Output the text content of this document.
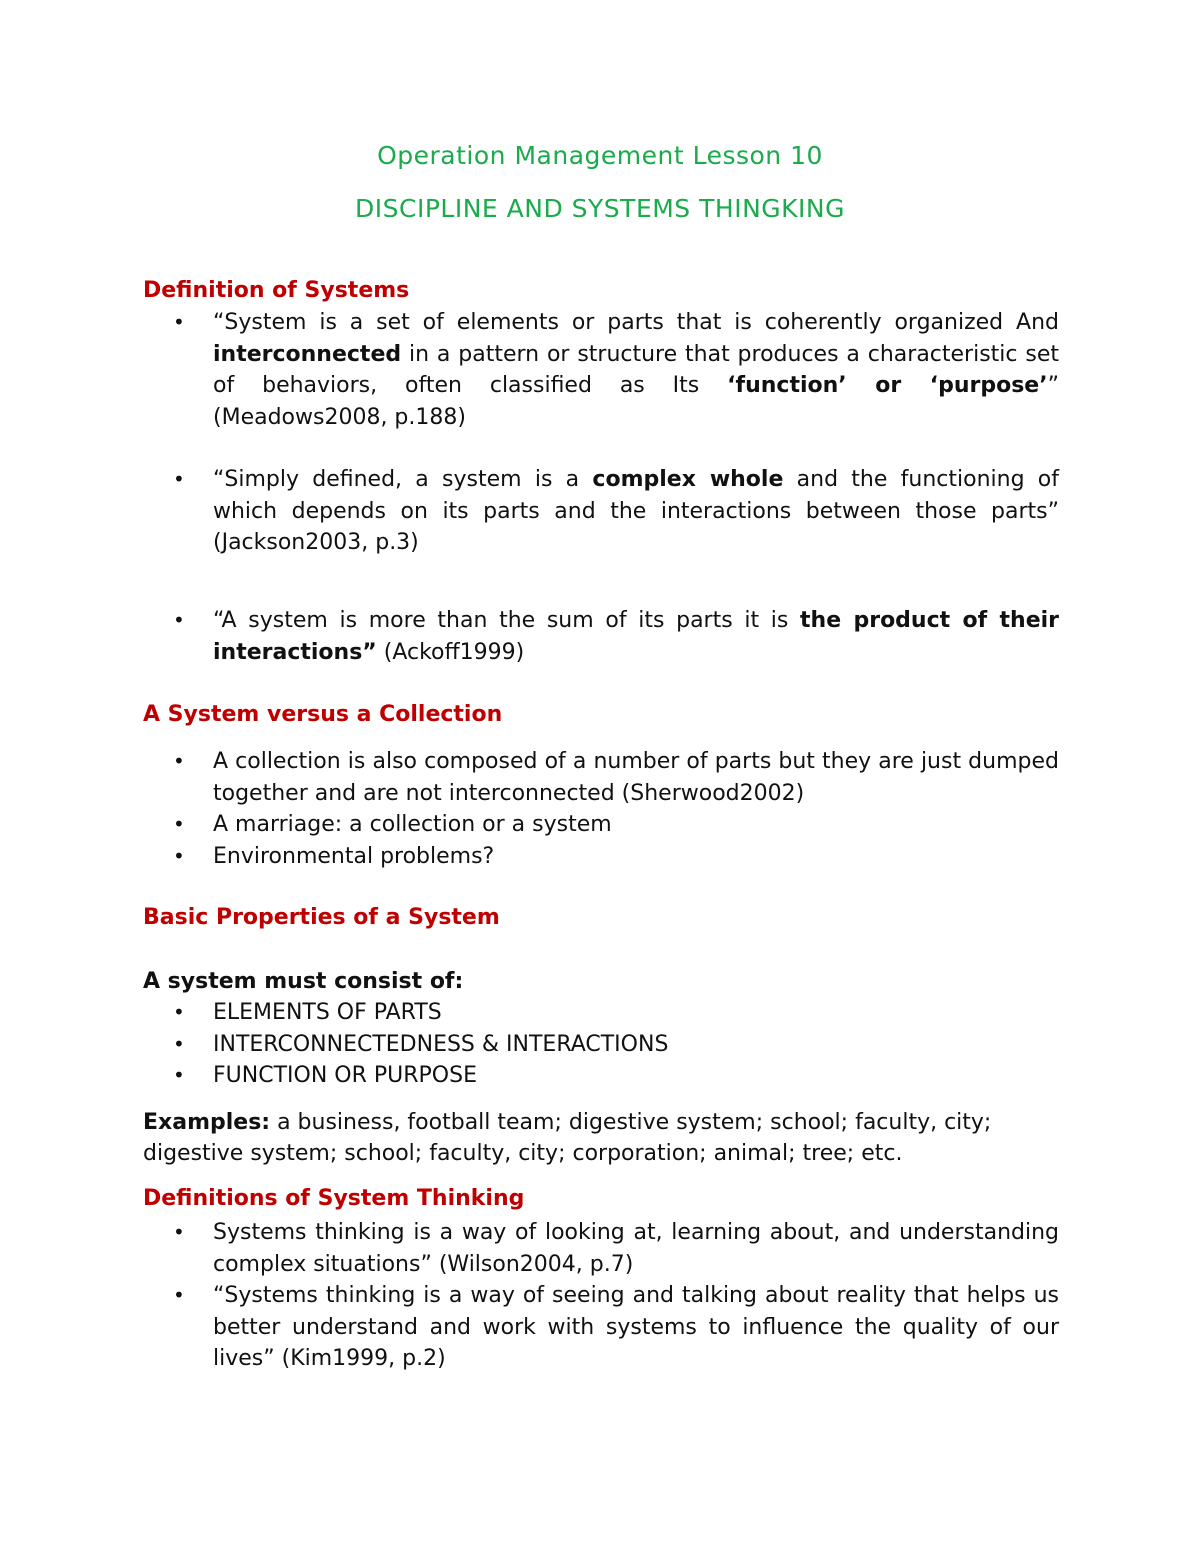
Operation Management Lesson 10
DISCIPLINE AND SYSTEMS THINGKING
Definition of Systems
• “System is a set of elements or parts that is coherently organized And interconnected in a pattern or structure that produces a characteristic set of behaviors, often classified as Its ‘function’ or ‘purpose’” (Meadows2008, p.188)
• “Simply defined, a system is a complex whole and the functioning of which depends on its parts and the interactions between those parts” (Jackson2003, p.3)
• “A system is more than the sum of its parts it is the product of their interactions” (Ackoff1999)
A System versus a Collection
• A collection is also composed of a number of parts but they are just dumped together and are not interconnected (Sherwood2002)
• A marriage: a collection or a system
• Environmental problems?
Basic Properties of a System
A system must consist of:
• ELEMENTS OF PARTS
• INTERCONNECTEDNESS & INTERACTIONS
• FUNCTION OR PURPOSE
Examples: a business, football team; digestive system; school; faculty, city; digestive system; school; faculty, city; corporation; animal; tree; etc.
Definitions of System Thinking
• Systems thinking is a way of looking at, learning about, and understanding complex situations” (Wilson2004, p.7)
• “Systems thinking is a way of seeing and talking about reality that helps us better understand and work with systems to influence the quality of our lives” (Kim1999, p.2)
